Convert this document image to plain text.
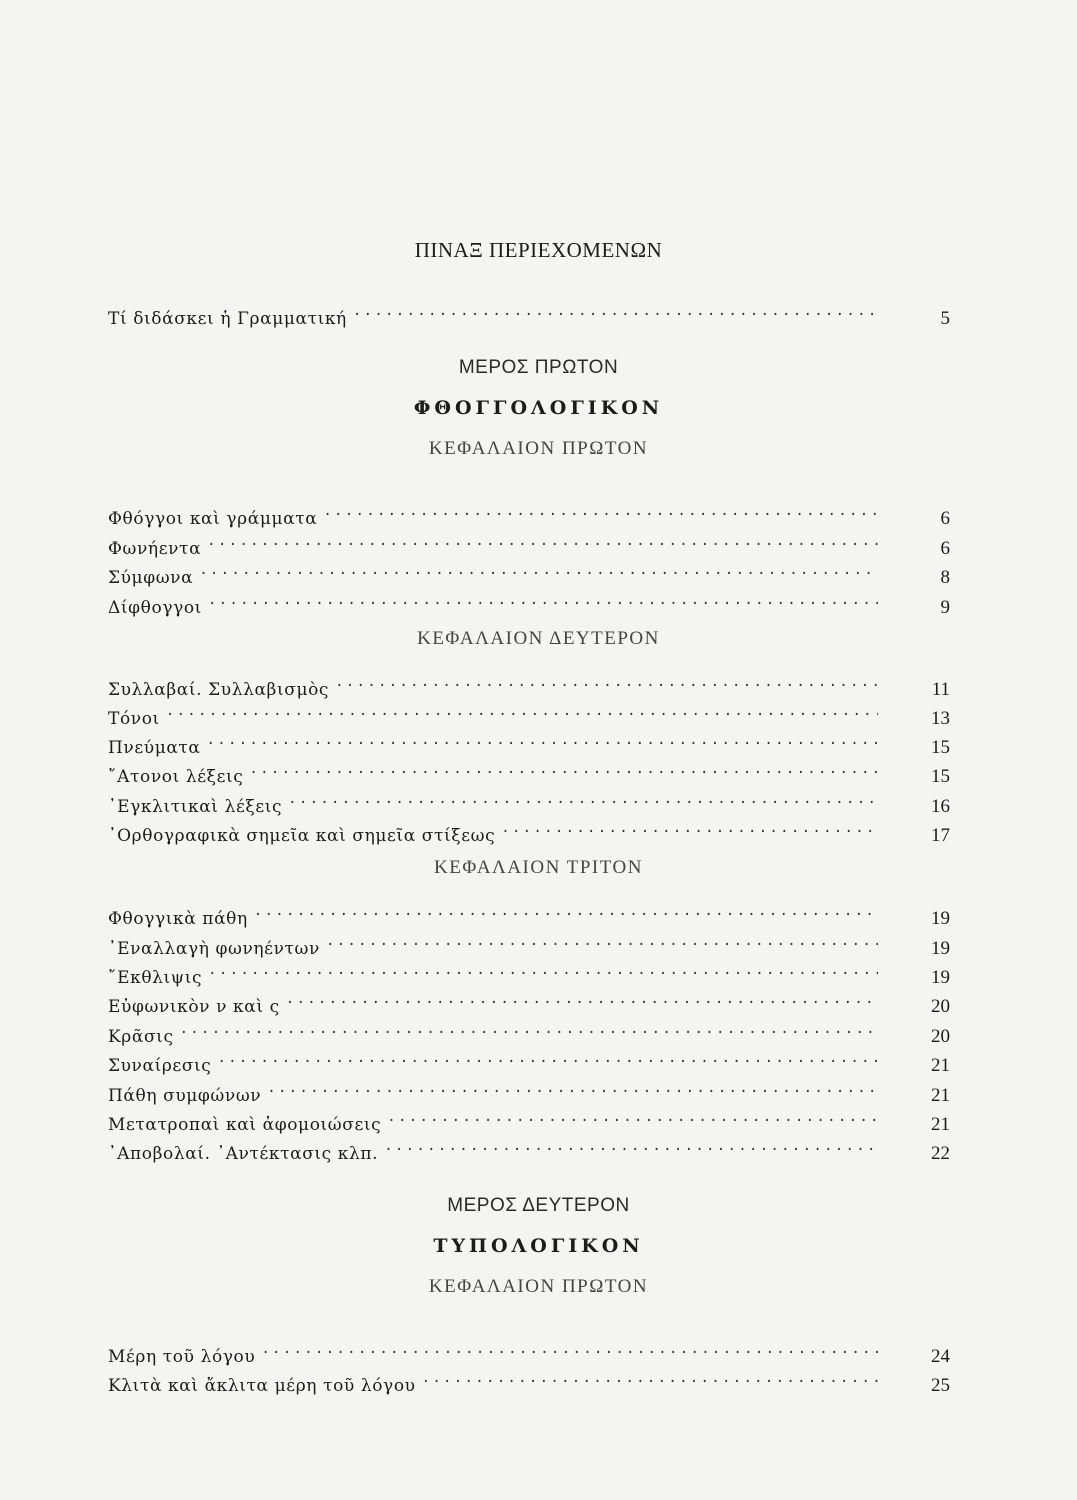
ΠΙΝΑΞ ΠΕΡΙΕΧΟΜΕΝΩΝ
Τί διδάσκει ἡ Γραμματική .....	5
ΜΕΡΟΣ ΠΡΩΤΟΝ
ΦΘΟΓΓΟΛΟΓΙΚΟΝ
ΚΕΦΑΛΑΙΟΝ ΠΡΩΤΟΝ
Φθόγγοι καὶ γράμματα .....	6
Φωνήεντα .....	6
Σύμφωνα .....	8
Δίφθογγοι .....	9
ΚΕΦΑΛΑΙΟΝ ΔΕΥΤΕΡΟΝ
Συλλαβαί. Συλλαβισμὸς .....	11
Τόνοι .....	13
Πνεύματα .....	15
῎Ατονοι λέξεις .....	15
᾿Εγκλιτικαὶ λέξεις .....	16
᾿Ορθογραφικὰ σημεῖα καὶ σημεῖα στίξεως .....	17
ΚΕΦΑΛΑΙΟΝ ΤΡΙΤΟΝ
Φθογγικὰ πάθη .....	19
᾿Εναλλαγὴ φωνηέντων .....	19
῎Εκθλιψις .....	19
Εὐφωνικὸν ν καὶ ς .....	20
Κρᾶσις .....	20
Συναίρεσις .....	21
Πάθη συμφώνων .....	21
Μετατροπαὶ καὶ ἀφομοιώσεις .....	21
᾿Αποβολαί. ᾿Αντέκτασις κλπ. .....	22
ΜΕΡΟΣ ΔΕΥΤΕΡΟΝ
ΤΥΠΟΛΟΓΙΚΟΝ
ΚΕΦΑΛΑΙΟΝ ΠΡΩΤΟΝ
Μέρη τοῦ λόγου .....	24
Κλιτὰ καὶ ἄκλιτα μέρη τοῦ λόγου .....	25
